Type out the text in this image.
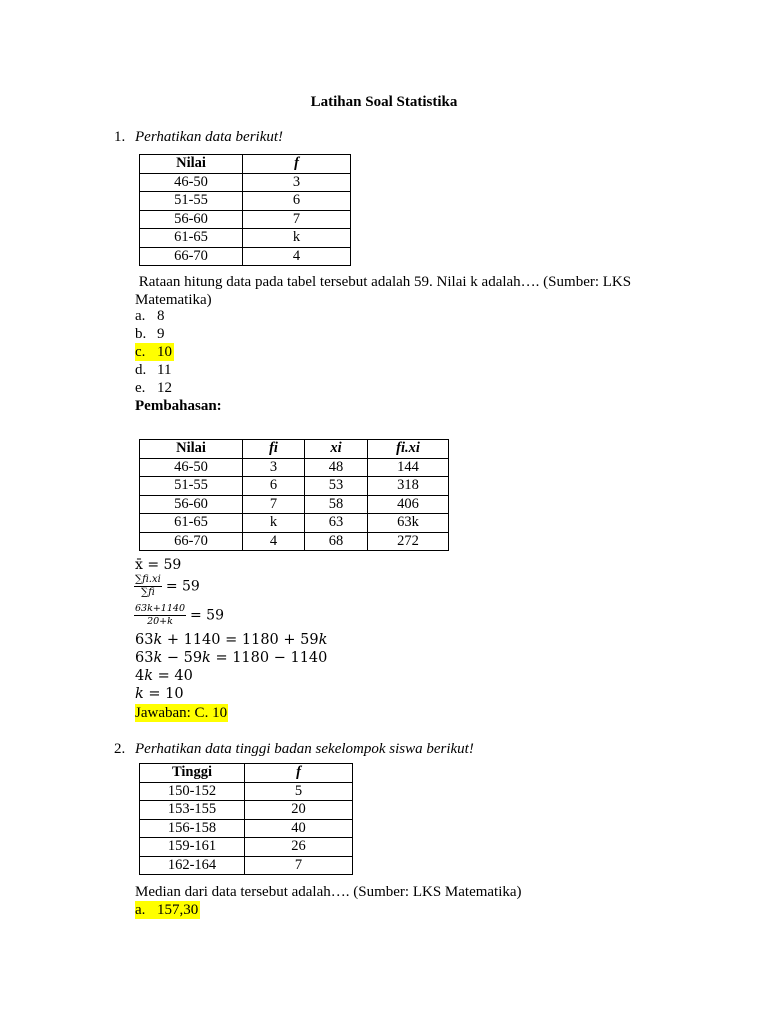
Latihan Soal Statistika
1. Perhatikan data berikut!
Nilai	f
46-50	3
51-55	6
56-60	7
61-65	k
66-70	4
Rataan hitung data pada tabel tersebut adalah 59. Nilai k adalah…. (Sumber: LKS
Matematika)
a. 8
b. 9
c. 10
d. 11
e. 12
Pembahasan:
Nilai	fi	xi	fi.xi
46-50	3	48	144
51-55	6	53	318
56-60	7	58	406
61-65	k	63	63k
66-70	4	68	272
x̄ = 59
$\frac{\sum fi.xi}{\sum fi} = 59$
$\frac{63k+1140}{20+k} = 59$
63𝑘 + 1140 = 1180 + 59𝑘
63𝑘 − 59𝑘 = 1180 − 1140
4𝑘 = 40
𝑘 = 10
Jawaban: C. 10
2. Perhatikan data tinggi badan sekelompok siswa berikut!
Tinggi	f
150-152	5
153-155	20
156-158	40
159-161	26
162-164	7
Median dari data tersebut adalah…. (Sumber: LKS Matematika)
a. 157,30
